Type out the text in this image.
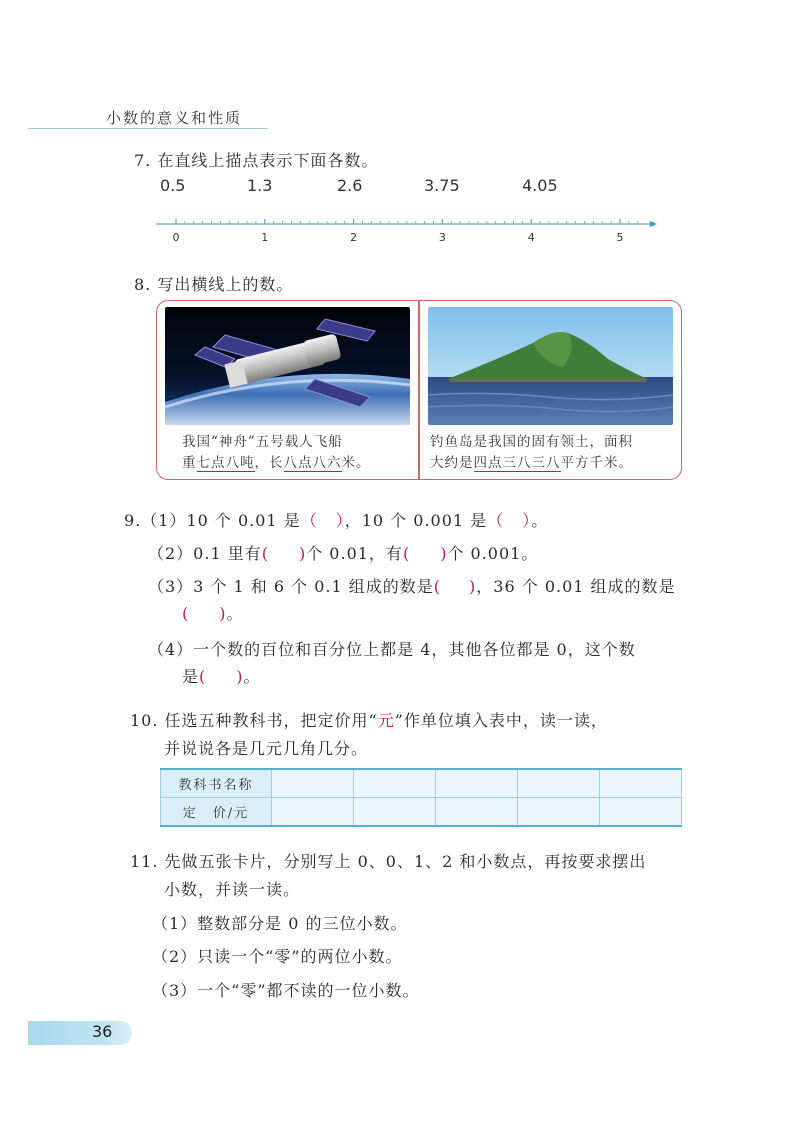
小数的意义和性质
7. 在直线上描点表示下面各数。
0.5	1.3	2.6	3.75	4.05
0	1	2	3	4	5
8. 写出横线上的数。
我国“神舟”五号载人飞船
重七点八吨，长八点八六米。
钓鱼岛是我国的固有领土，面积
大约是四点三八三八平方千米。
9.（1）10 个 0.01 是（ ），10 个 0.001 是（ ）。
（2）0.1 里有( )个 0.01，有( )个 0.001。
（3）3 个 1 和 6 个 0.1 组成的数是( )，36 个 0.01 组成的数是
( )。
（4）一个数的百位和百分位上都是 4，其他各位都是 0，这个数
是( )。
10. 任选五种教科书，把定价用“元”作单位填入表中，读一读，
并说说各是几元几角几分。
教科书名称					
定　价/元					
11. 先做五张卡片，分别写上 0、0、1、2 和小数点，再按要求摆出
小数，并读一读。
（1）整数部分是 0 的三位小数。
（2）只读一个“零”的两位小数。
（3）一个“零”都不读的一位小数。
36
